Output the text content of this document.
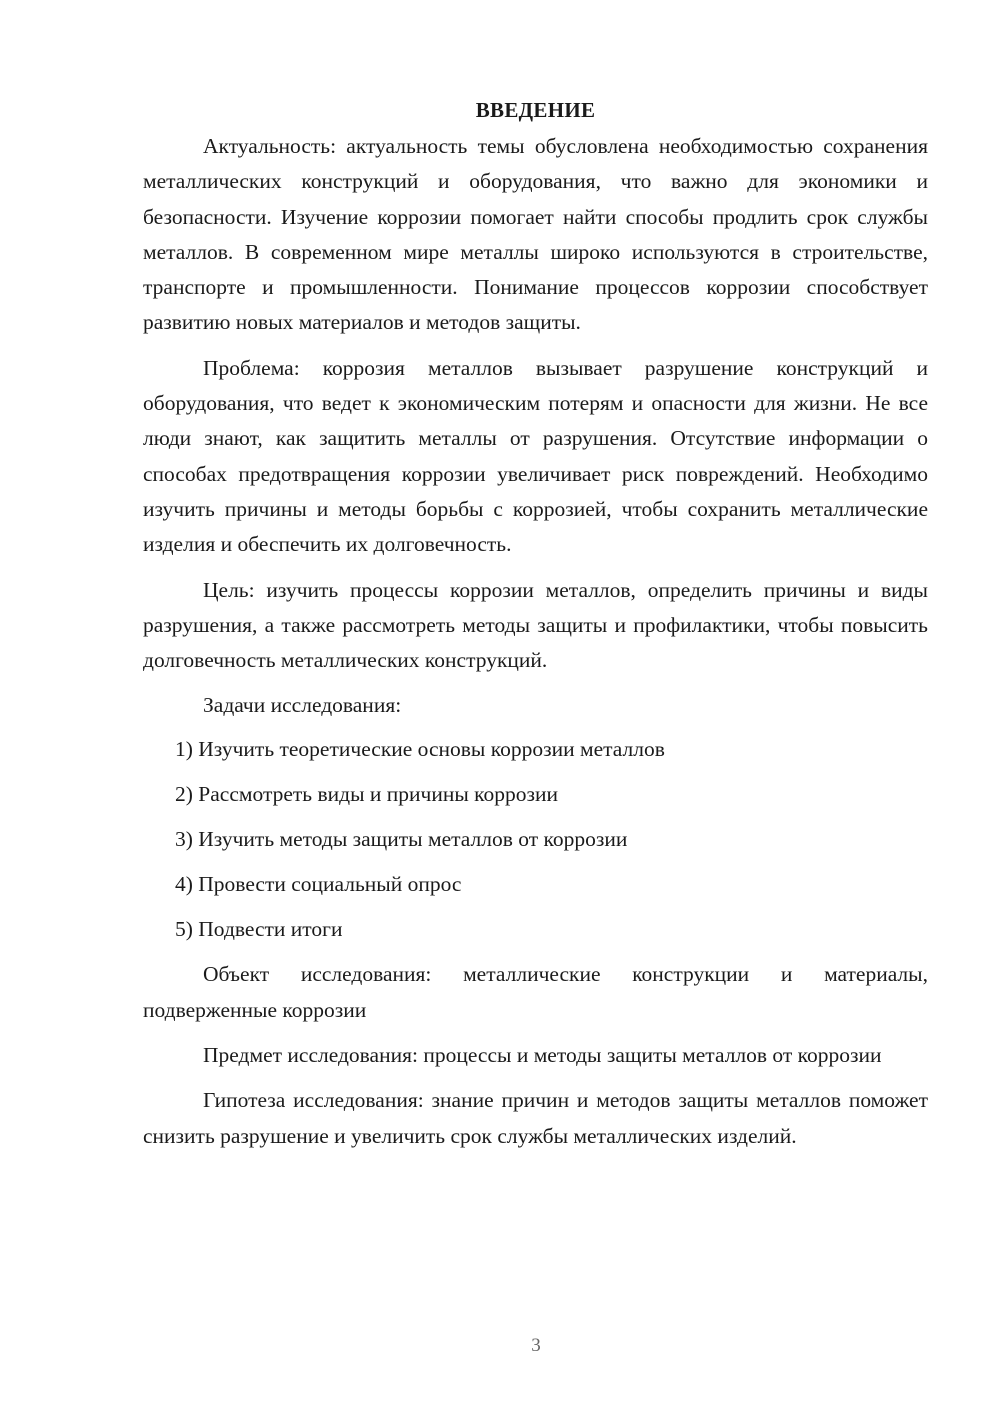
ВВЕДЕНИЕ

Актуальность: актуальность темы обусловлена необходимостью сохранения металлических конструкций и оборудования, что важно для экономики и безопасности. Изучение коррозии помогает найти способы продлить срок службы металлов. В современном мире металлы широко используются в строительстве, транспорте и промышленности. Понимание процессов коррозии способствует развитию новых материалов и методов защиты.

Проблема: коррозия металлов вызывает разрушение конструкций и оборудования, что ведет к экономическим потерям и опасности для жизни. Не все люди знают, как защитить металлы от разрушения. Отсутствие информации о способах предотвращения коррозии увеличивает риск повреждений. Необходимо изучить причины и методы борьбы с коррозией, чтобы сохранить металлические изделия и обеспечить их долговечность.

Цель: изучить процессы коррозии металлов, определить причины и виды разрушения, а также рассмотреть методы защиты и профилактики, чтобы повысить долговечность металлических конструкций.

Задачи исследования:
1) Изучить теоретические основы коррозии металлов
2) Рассмотреть виды и причины коррозии
3) Изучить методы защиты металлов от коррозии
4) Провести социальный опрос
5) Подвести итоги

Объект исследования: металлические конструкции и материалы, подверженные коррозии

Предмет исследования: процессы и методы защиты металлов от коррозии

Гипотеза исследования: знание причин и методов защиты металлов поможет снизить разрушение и увеличить срок службы металлических изделий.

3
